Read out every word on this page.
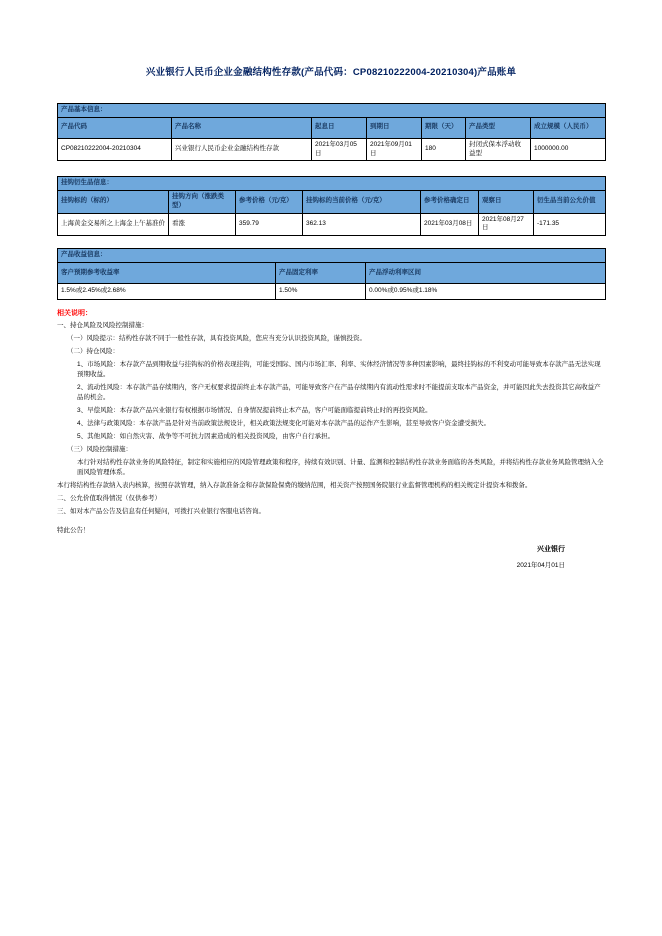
兴业银行人民币企业金融结构性存款(产品代码：CP08210222004-20210304)产品账单
产品基本信息：						
产品代码	产品名称	起息日	到期日	期限（天）	产品类型	成立规模（人民币）
CP08210222004-20210304	兴业银行人民币企业金融结构性存款	2021年03月05日	2021年09月01日	180	封闭式保本浮动收益型	1000000.00
挂钩衍生品信息：						
挂钩标的（标的）	挂钩方向（涨跌类型）	参考价格（元/克）	挂钩标的当前价格（元/克）	参考价格确定日	观察日	衍生品当前公允价值
上海黄金交易所之上海金上午基准价	看涨	359.79	362.13	2021年03月08日	2021年08月27日	-171.35
产品收益信息：		
客户预期参考收益率	产品固定利率	产品浮动利率区间
1.5%或2.45%或2.68%	1.50%	0.00%或0.95%或1.18%
相关说明：

一、持仓风险及风险控制措施：

（一）风险提示：结构性存款不同于一般性存款，具有投资风险，您应当充分认识投资风险，谨慎投资。

（二）持仓风险：

1、市场风险：本存款产品到期收益与挂钩标的价格表现挂钩，可能受国际、国内市场汇率、利率、实体经济情况等多种因素影响，最终挂钩标的不利变动可能导致本存款产品无法实现预期收益。

2、流动性风险：本存款产品存续期内，客户无权要求提前终止本存款产品，可能导致客户在产品存续期内有流动性需求时不能提前支取本产品资金，并可能因此失去投资其它高收益产品的机会。

3、早偿风险：本存款产品兴业银行有权根据市场情况、自身情况提前终止本产品，客户可能面临提前终止时的再投资风险。

4、法律与政策风险：本存款产品是针对当前政策法规设计，相关政策法规变化可能对本存款产品的运作产生影响，甚至导致客户资金遭受损失。

5、其他风险：如自然灾害、战争等不可抗力因素造成的相关投资风险，由客户自行承担。

（三）风险控制措施：

本行针对结构性存款业务的风险特征，制定和实施相应的风险管理政策和程序，持续有效识别、计量、监测和控制结构性存款业务面临的各类风险，并将结构性存款业务风险管理纳入全面风险管理体系。

本行将结构性存款纳入表内核算，按照存款管理，纳入存款准备金和存款保险保费的缴纳范围，相关资产按照国务院银行业监督管理机构的相关规定计提资本和拨备。

二、公允价值取得情况（仅供参考）

三、如对本产品公告及信息有任何疑问，可拨打兴业银行客服电话咨询。

特此公告！

兴业银行
2021年04月01日
